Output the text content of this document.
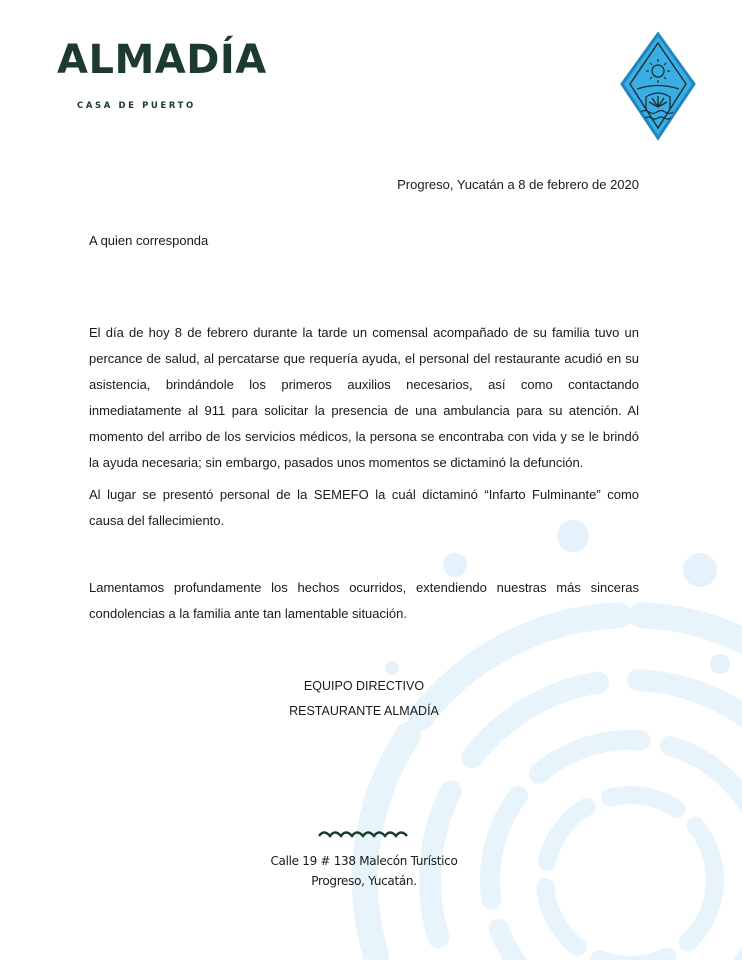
ALMADÍA
CASA DE PUERTO
Progreso, Yucatán a 8 de febrero de 2020
A quien corresponda
El día de hoy 8 de febrero durante la tarde un comensal acompañado de su familia tuvo un percance de salud, al percatarse que requería ayuda, el personal del restaurante acudió en su asistencia, brindándole los primeros auxilios necesarios, así como contactando inmediatamente al 911 para solicitar la presencia de una ambulancia para su atención. Al momento del arribo de los servicios médicos, la persona se encontraba con vida y se le brindó la ayuda necesaria; sin embargo, pasados unos momentos se dictaminó la defunción.
Al lugar se presentó personal de la SEMEFO la cuál dictaminó “Infarto Fulminante” como causa del fallecimiento.
Lamentamos profundamente los hechos ocurridos, extendiendo nuestras más sinceras condolencias a la familia ante tan lamentable situación.
EQUIPO DIRECTIVO
RESTAURANTE ALMADÍA
Calle 19 # 138 Malecón Turístico
Progreso, Yucatán.
